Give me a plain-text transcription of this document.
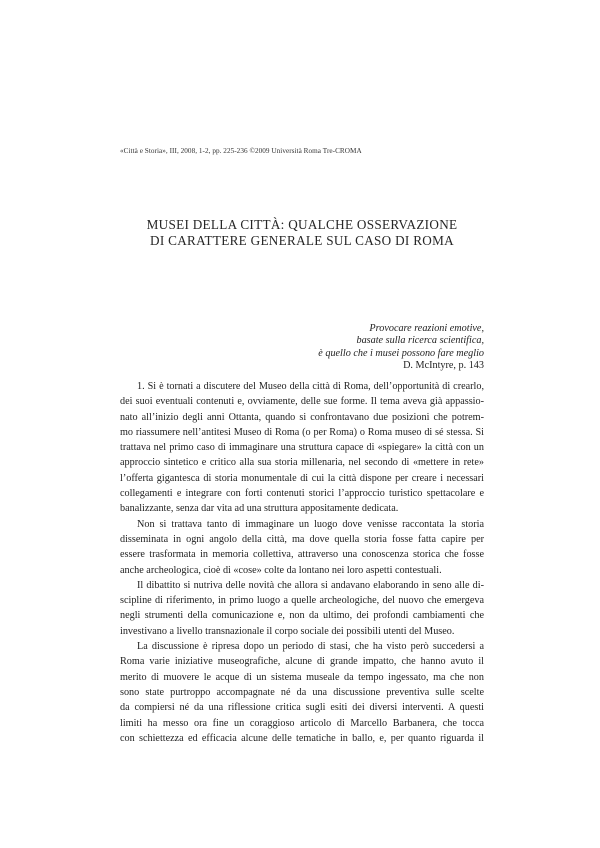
«Città e Storia», III, 2008, 1-2, pp. 225-236 ©2009 Università Roma Tre-CROMA
MUSEI DELLA CITTÀ: QUALCHE OSSERVAZIONE
DI CARATTERE GENERALE SUL CASO DI ROMA
Provocare reazioni emotive,
basate sulla ricerca scientifica,
è quello che i musei possono fare meglio
D. McIntyre, p. 143
1. Si è tornati a discutere del Museo della città di Roma, dell’opportunità di crearlo,
dei suoi eventuali contenuti e, ovviamente, delle sue forme. Il tema aveva già appassio-
nato all’inizio degli anni Ottanta, quando si confrontavano due posizioni che potrem-
mo riassumere nell’antitesi Museo di Roma (o per Roma) o Roma museo di sé stessa. Si
trattava nel primo caso di immaginare una struttura capace di «spiegare» la città con un
approccio sintetico e critico alla sua storia millenaria, nel secondo di «mettere in rete»
l’offerta gigantesca di storia monumentale di cui la città dispone per creare i necessari
collegamenti e integrare con forti contenuti storici l’approccio turistico spettacolare e
banalizzante, senza dar vita ad una struttura appositamente dedicata.
Non si trattava tanto di immaginare un luogo dove venisse raccontata la storia
disseminata in ogni angolo della città, ma dove quella storia fosse fatta capire per
essere trasformata in memoria collettiva, attraverso una conoscenza storica che fosse
anche archeologica, cioè di «cose» colte da lontano nei loro aspetti contestuali.
Il dibattito si nutriva delle novità che allora si andavano elaborando in seno alle di-
scipline di riferimento, in primo luogo a quelle archeologiche, del nuovo che emergeva
negli strumenti della comunicazione e, non da ultimo, dei profondi cambiamenti che
investivano a livello transnazionale il corpo sociale dei possibili utenti del Museo.
La discussione è ripresa dopo un periodo di stasi, che ha visto però succedersi a
Roma varie iniziative museografiche, alcune di grande impatto, che hanno avuto il
merito di muovere le acque di un sistema museale da tempo ingessato, ma che non
sono state purtroppo accompagnate né da una discussione preventiva sulle scelte
da compiersi né da una riflessione critica sugli esiti dei diversi interventi. A questi
limiti ha messo ora fine un coraggioso articolo di Marcello Barbanera, che tocca
con schiettezza ed efficacia alcune delle tematiche in ballo, e, per quanto riguarda il
